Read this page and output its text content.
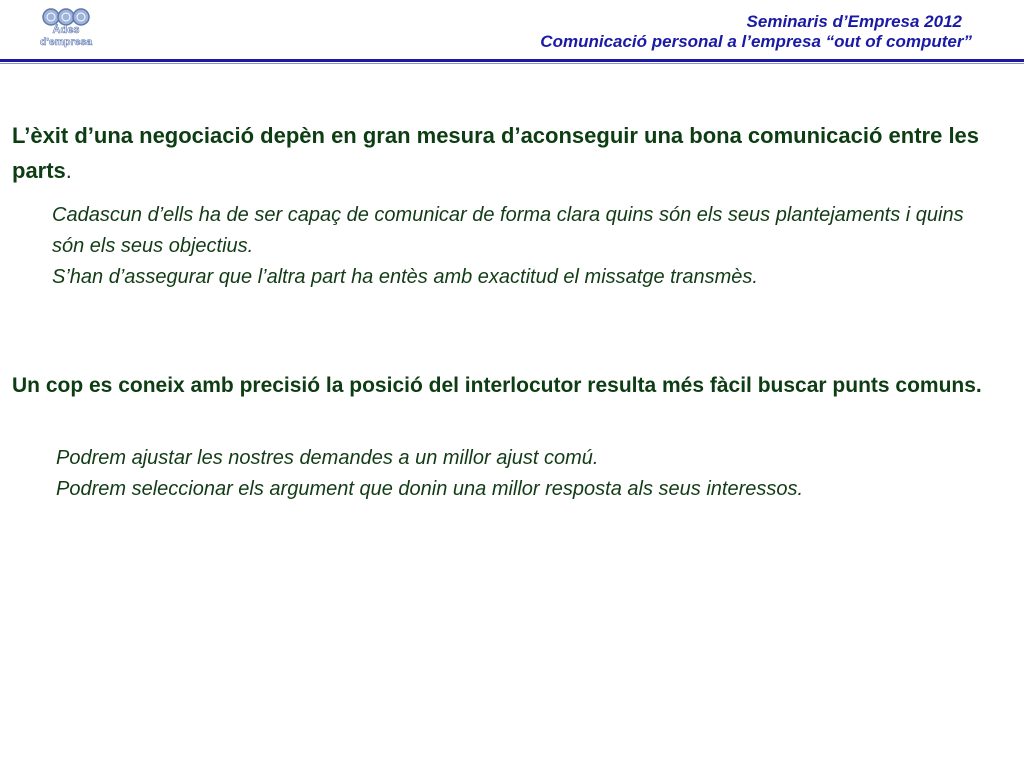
Àdes
d'empresa
Seminaris d’Empresa 2012
Comunicació personal a l’empresa “out of computer”

L’èxit d’una negociació depèn en gran mesura d’aconseguir una bona comunicació entre les parts.

Cadascun d’ells ha de ser capaç de comunicar de forma clara quins són els seus plantejaments i quins són els seus objectius.

S’han d’assegurar que l’altra part ha entès amb exactitud el missatge transmès.

Un cop es coneix amb precisió la posició del interlocutor resulta més fàcil buscar punts comuns.

Podrem ajustar les nostres demandes a un millor ajust comú.

Podrem seleccionar els argument que donin una millor resposta als seus interessos.
